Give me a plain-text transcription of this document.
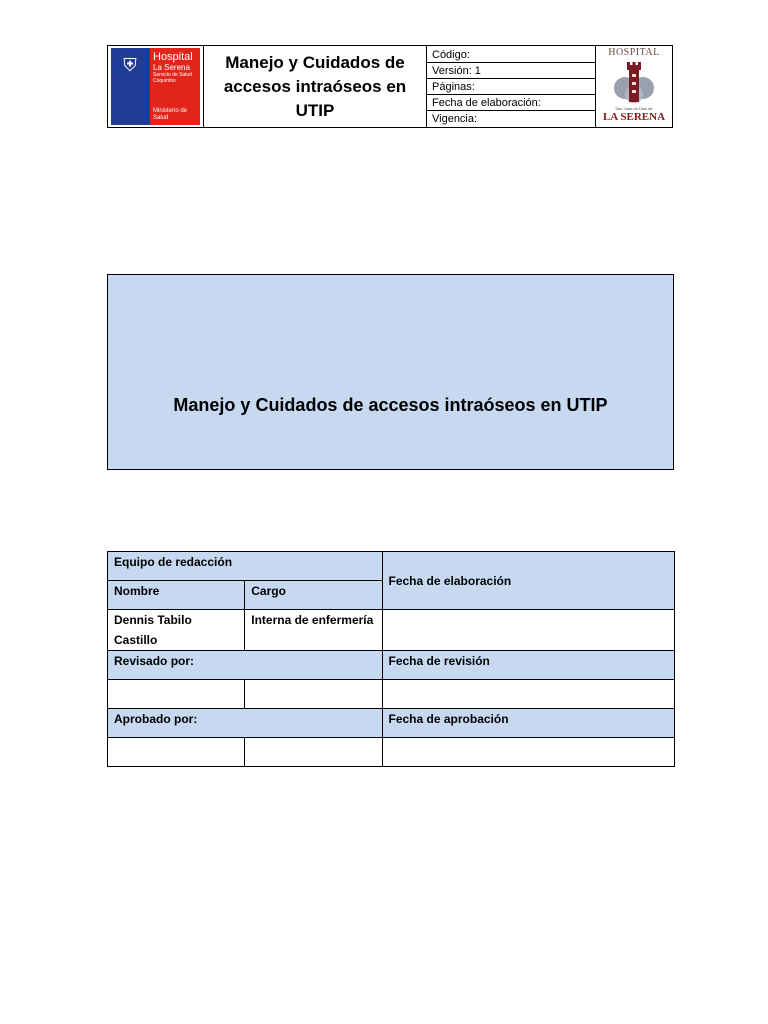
⛨	Hospital
La Serena
Servicio de Salud
Coquimbo
Ministerio de Salud
	Manejo y Cuidados de accesos intraóseos en UTIP	
Código:
Versión: 1
Páginas:
Fecha de elaboración:
Vigencia:

HOSPITAL
San Juan de Dios de
LA SERENA
Manejo y Cuidados de accesos intraóseos en UTIP
Equipo de redacción		Fecha de elaboración
Nombre	Cargo	
Dennis Tabilo Castillo	Interna de enfermería	
Revisado por:		Fecha de revisión

Aprobado por:		Fecha de aprobación
